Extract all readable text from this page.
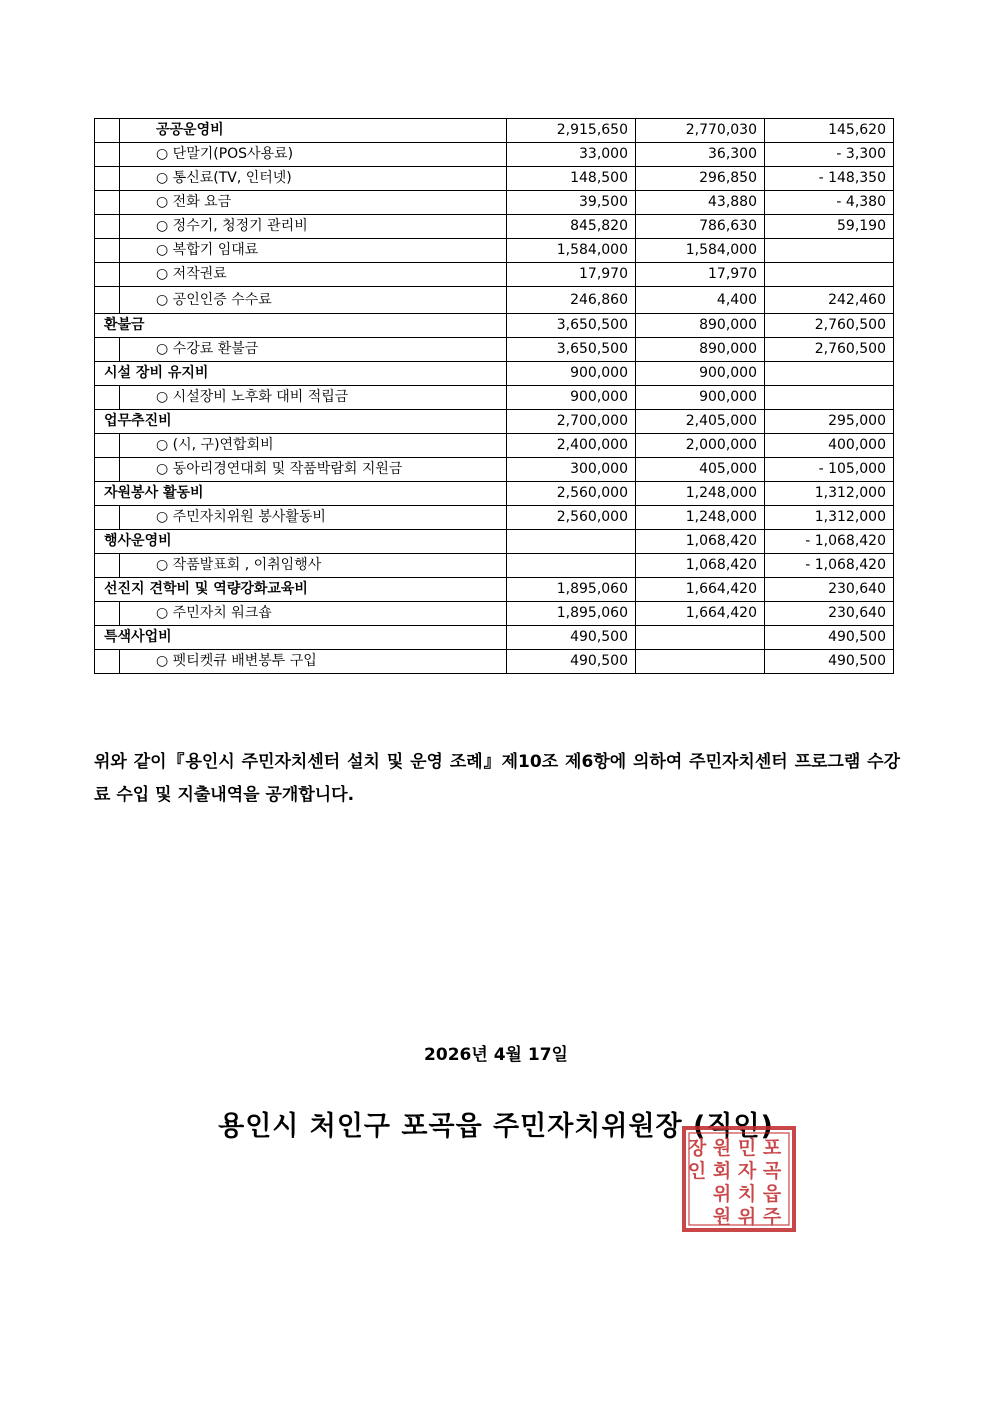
	공공운영비	2,915,650	2,770,030	145,620
	○ 단말기(POS사용료)	33,000	36,300	- 3,300
	○ 통신료(TV, 인터넷)	148,500	296,850	- 148,350
	○ 전화 요금	39,500	43,880	- 4,380
	○ 정수기, 청정기 관리비	845,820	786,630	59,190
	○ 복합기 임대료	1,584,000	1,584,000	
	○ 저작권료	17,970	17,970	
	○ 공인인증 수수료	246,860	4,400	242,460
환불금		3,650,500	890,000	2,760,500
	○ 수강료 환불금	3,650,500	890,000	2,760,500
시설 장비 유지비		900,000	900,000	
	○ 시설장비 노후화 대비 적립금	900,000	900,000	
업무추진비		2,700,000	2,405,000	295,000
	○ (시, 구)연합회비	2,400,000	2,000,000	400,000
	○ 동아리경연대회 및 작품박람회 지원금	300,000	405,000	- 105,000
자원봉사 활동비		2,560,000	1,248,000	1,312,000
	○ 주민자치위원 봉사활동비	2,560,000	1,248,000	1,312,000
행사운영비			1,068,420	- 1,068,420
	○ 작품발표회 , 이취임행사		1,068,420	- 1,068,420
선진지 견학비 및 역량강화교육비		1,895,060	1,664,420	230,640
	○ 주민자치 워크숍	1,895,060	1,664,420	230,640
특색사업비		490,500		490,500
	○ 펫티켓큐 배변봉투 구입	490,500		490,500
위와 같이『용인시 주민자치센터 설치 및 운영 조례』제10조 제6항에 의하여 주민자치센터 프로그램 수강료 수입 및 지출내역을 공개합니다.
2026년 4월 17일
용인시 처인구 포곡읍 주민자치위원장 (직인)
포
곡
읍
주
민
자
치
위
원
회
위
원
장
인
